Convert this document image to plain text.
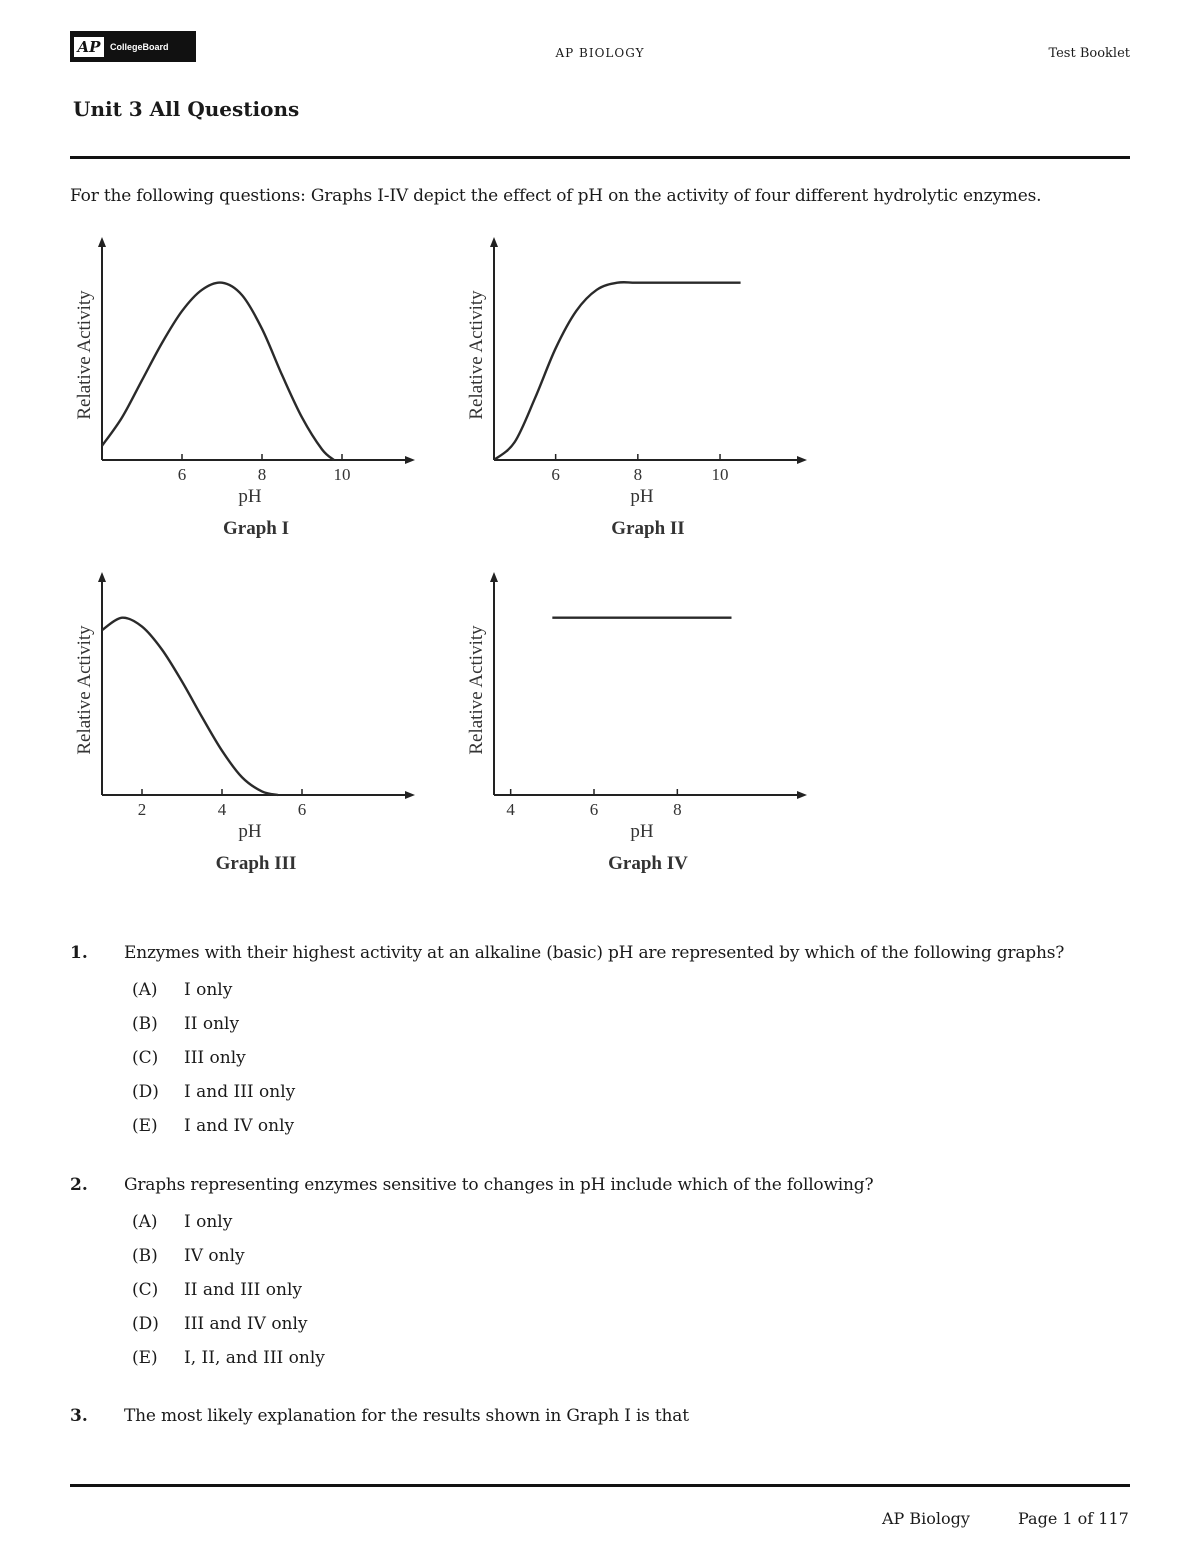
AP	CollegeBoard	AP BIOLOGY	Test Booklet
Unit 3 All Questions
For the following questions: Graphs I-IV depict the effect of pH on the activity of four different hydrolytic enzymes.
6	8	10
pH
Graph I
Relative Activity
6	8	10
pH
Graph II
Relative Activity
2	4	6
pH
Graph III
Relative Activity
4	6	8
pH
Graph IV
Relative Activity
1. Enzymes with their highest activity at an alkaline (basic) pH are represented by which of the following graphs?
(A) I only
(B) II only
(C) III only
(D) I and III only
(E) I and IV only
2. Graphs representing enzymes sensitive to changes in pH include which of the following?
(A) I only
(B) IV only
(C) II and III only
(D) III and IV only
(E) I, II, and III only
3. The most likely explanation for the results shown in Graph I is that
AP Biology	Page 1 of 117
